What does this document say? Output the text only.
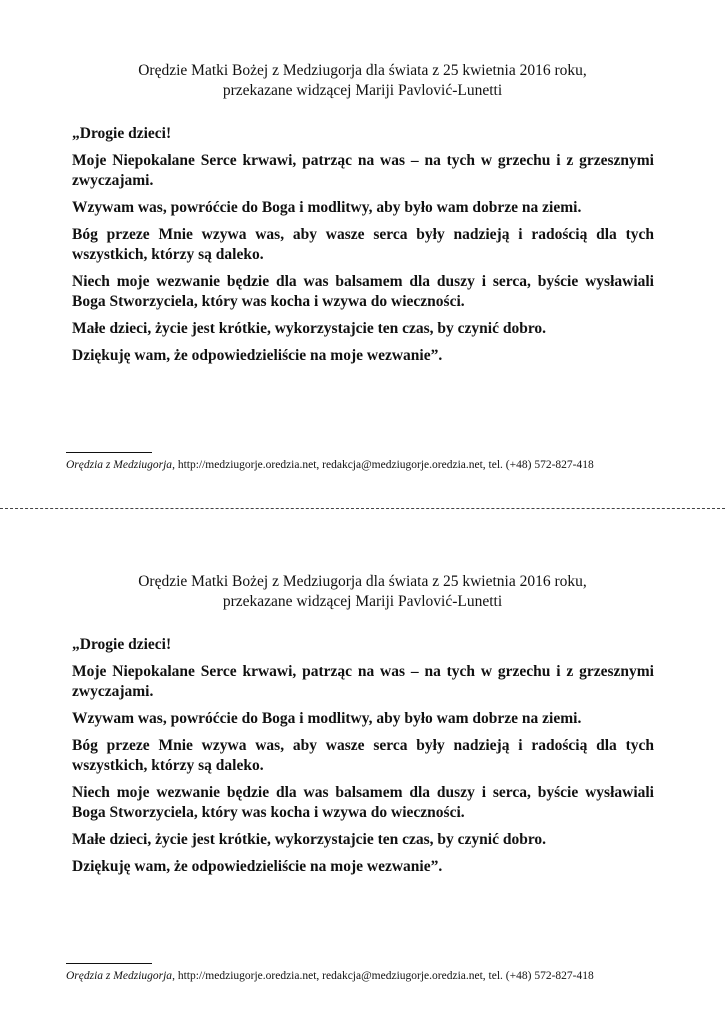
Orędzie Matki Bożej z Medziugorja dla świata z 25 kwietnia 2016 roku,
przekazane widzącej Mariji Pavlović-Lunetti

„Drogie dzieci!

Moje Niepokalane Serce krwawi, patrząc na was – na tych w grzechu i z grzesznymi zwyczajami.

Wzywam was, powróćcie do Boga i modlitwy, aby było wam dobrze na ziemi.

Bóg przeze Mnie wzywa was, aby wasze serca były nadzieją i radością dla tych wszystkich, którzy są daleko.

Niech moje wezwanie będzie dla was balsamem dla duszy i serca, byście wysławiali Boga Stworzyciela, który was kocha i wzywa do wieczności.

Małe dzieci, życie jest krótkie, wykorzystajcie ten czas, by czynić dobro.

Dziękuję wam, że odpowiedzieliście na moje wezwanie”.

Orędzia z Medziugorja, http://medziugorje.oredzia.net, redakcja@medziugorje.oredzia.net, tel. (+48) 572-827-418
Orędzie Matki Bożej z Medziugorja dla świata z 25 kwietnia 2016 roku,
przekazane widzącej Mariji Pavlović-Lunetti

„Drogie dzieci!

Moje Niepokalane Serce krwawi, patrząc na was – na tych w grzechu i z grzesznymi zwyczajami.

Wzywam was, powróćcie do Boga i modlitwy, aby było wam dobrze na ziemi.

Bóg przeze Mnie wzywa was, aby wasze serca były nadzieją i radością dla tych wszystkich, którzy są daleko.

Niech moje wezwanie będzie dla was balsamem dla duszy i serca, byście wysławiali Boga Stworzyciela, który was kocha i wzywa do wieczności.

Małe dzieci, życie jest krótkie, wykorzystajcie ten czas, by czynić dobro.

Dziękuję wam, że odpowiedzieliście na moje wezwanie”.

Orędzia z Medziugorja, http://medziugorje.oredzia.net, redakcja@medziugorje.oredzia.net, tel. (+48) 572-827-418
